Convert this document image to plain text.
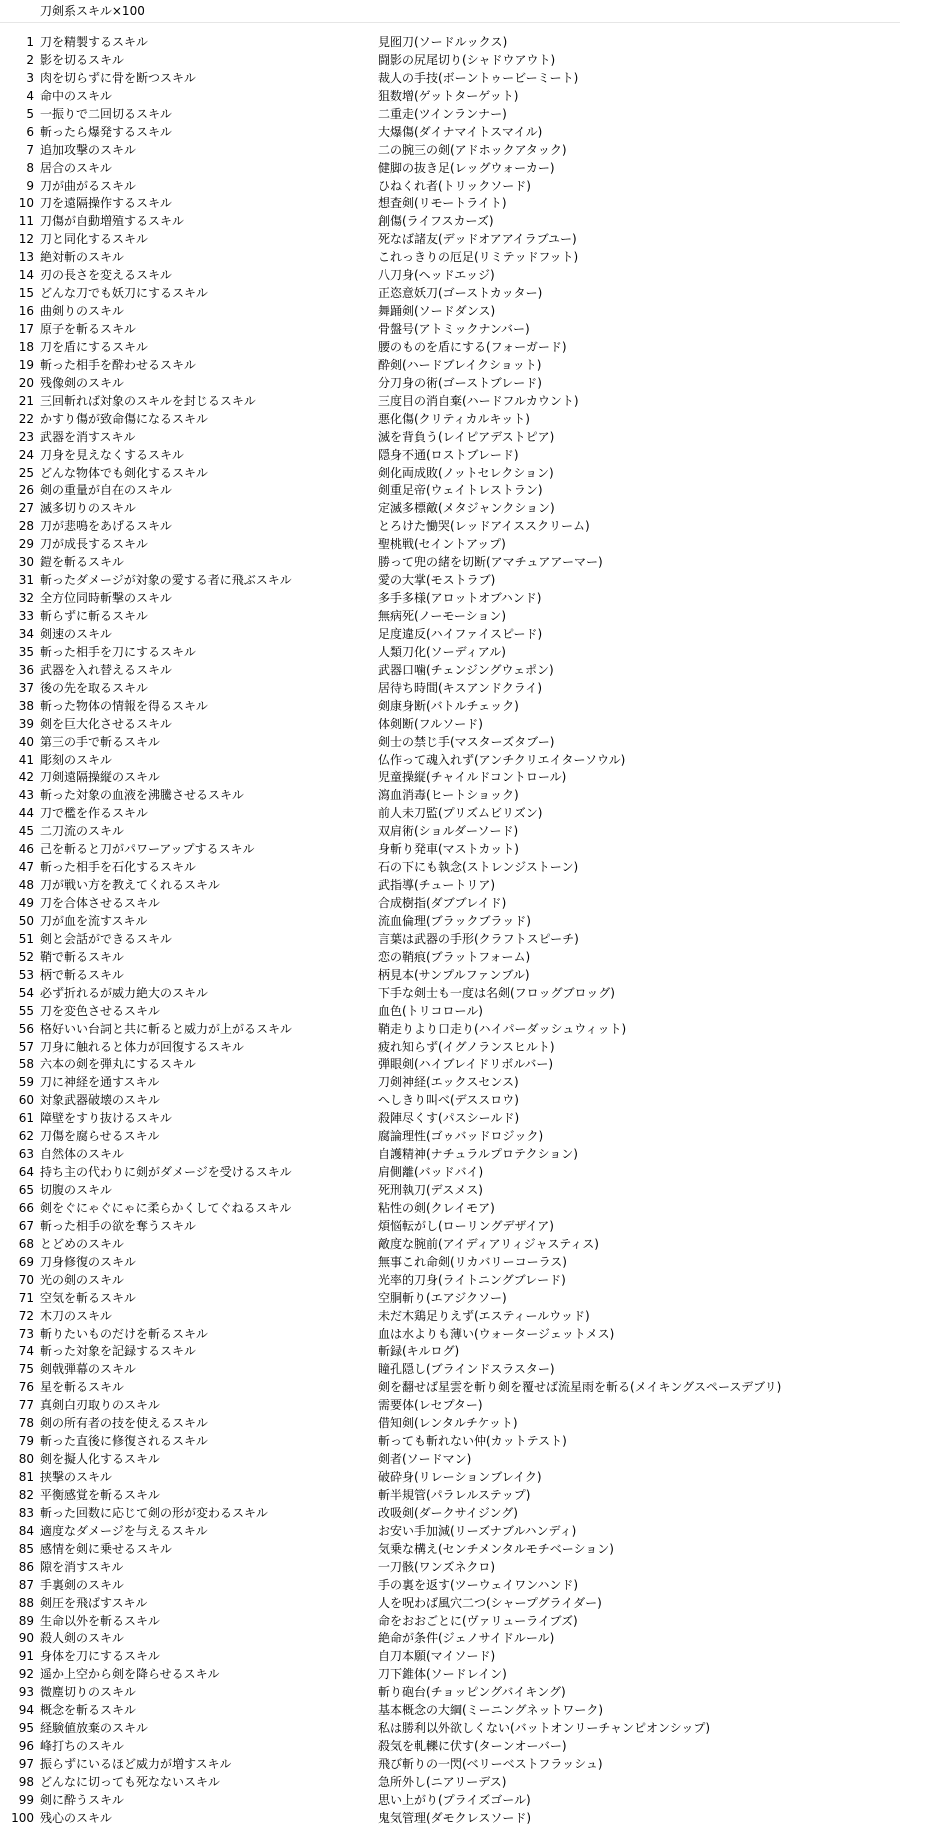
刀剣系スキル×100
1 刀を精製するスキル	見囮刀(ソードルックス)
2 影を切るスキル	闘影の尻尾切り(シャドウアウト)
3 肉を切らずに骨を断つスキル	裁人の手技(ボーントゥービーミート)
4 命中のスキル	狙数增(ゲットターゲット)
5 一振りで二回切るスキル	二重走(ツインランナー)
6 斬ったら爆発するスキル	大爆傷(ダイナマイトスマイル)
7 追加攻撃のスキル	二の腕三の剣(アドホックアタック)
8 居合のスキル	健脚の抜き足(レッグウォーカー)
9 刀が曲がるスキル	ひねくれ者(トリックソード)
10 刀を遠隔操作するスキル	想査剣(リモートライト)
11 刀傷が自動増殖するスキル	創傷(ライフスカーズ)
12 刀と同化するスキル	死なば諸友(デッドオアアイラブユー)
13 絶対斬のスキル	これっきりの厄足(リミテッドフット)
14 刃の長さを変えるスキル	八刀身(ヘッドエッジ)
15 どんな刀でも妖刀にするスキル	正恣意妖刀(ゴーストカッター)
16 曲剣りのスキル	舞踊剣(ソードダンス)
17 原子を斬るスキル	骨盤号(アトミックナンバー)
18 刀を盾にするスキル	腰のものを盾にする(フォーガード)
19 斬った相手を酔わせるスキル	酔剣(ハードブレイクショット)
20 残像剣のスキル	分刀身の術(ゴーストブレード)
21 三回斬れば対象のスキルを封じるスキル	三度目の消自棄(ハードフルカウント)
22 かすり傷が致命傷になるスキル	悪化傷(クリティカルキット)
23 武器を消すスキル	滅を背負う(レイピアデストピア)
24 刀身を見えなくするスキル	隠身不通(ロストブレード)
25 どんな物体でも剣化するスキル	剣化両成敗(ノットセレクション)
26 剣の重量が自在のスキル	剣重足帝(ウェイトレストラン)
27 滅多切りのスキル	定滅多標敵(メタジャンクション)
28 刀が悲鳴をあげるスキル	とろけた慟哭(レッドアイススクリーム)
29 刀が成長するスキル	聖桃戦(セイントアップ)
30 鎧を斬るスキル	勝って兜の緒を切断(アマチュアアーマー)
31 斬ったダメージが対象の愛する者に飛ぶスキル	愛の大掌(モストラブ)
32 全方位同時斬撃のスキル	多手多様(アロットオブハンド)
33 斬らずに斬るスキル	無病死(ノーモーション)
34 剣速のスキル	足度違反(ハイファイスピード)
35 斬った相手を刀にするスキル	人類刀化(ソーディアル)
36 武器を入れ替えるスキル	武器口噛(チェンジングウェポン)
37 後の先を取るスキル	居待ち時間(キスアンドクライ)
38 斬った物体の情報を得るスキル	剣康身断(バトルチェック)
39 剣を巨大化させるスキル	体剣断(フルソード)
40 第三の手で斬るスキル	剣士の禁じ手(マスターズタブー)
41 彫刻のスキル	仏作って魂入れず(アンチクリエイターソウル)
42 刀剣遠隔操縦のスキル	児童操縦(チャイルドコントロール)
43 斬った対象の血液を沸騰させるスキル	瀉血消毒(ヒートショック)
44 刀で檻を作るスキル	前人未刀監(プリズムビリズン)
45 二刀流のスキル	双肩術(ショルダーソード)
46 己を斬ると刀がパワーアップするスキル	身斬り発車(マストカット)
47 斬った相手を石化するスキル	石の下にも執念(ストレンジストーン)
48 刀が戦い方を教えてくれるスキル	武指導(チュートリア)
49 刀を合体させるスキル	合成樹指(ダブブレイド)
50 刀が血を流すスキル	流血倫理(ブラックブラッド)
51 剣と会話ができるスキル	言葉は武器の手形(クラフトスピーチ)
52 鞘で斬るスキル	恋の鞘痕(ブラットフォーム)
53 柄で斬るスキル	柄見本(サンプルファンブル)
54 必ず折れるが威力絶大のスキル	下手な剣士も一度は名剣(フロッグブロッグ)
55 刀を変色させるスキル	血色(トリコロール)
56 格好いい台詞と共に斬ると威力が上がるスキル	鞘走りより口走り(ハイパーダッシュウィット)
57 刀身に触れると体力が回復するスキル	疲れ知らず(イグノランスヒルト)
58 六本の剣を弾丸にするスキル	弾眼剣(ハイブレイドリボルバー)
59 刀に神経を通すスキル	刀剣神経(エックスセンス)
60 対象武器破壊のスキル	へしきり叫べ(デススロウ)
61 障壁をすり抜けるスキル	殺陣尽くす(パスシールド)
62 刀傷を腐らせるスキル	腐論理性(ゴゥバッドロジック)
63 自然体のスキル	自護精神(ナチュラルプロテクション)
64 持ち主の代わりに剣がダメージを受けるスキル	肩側離(バッドバイ)
65 切腹のスキル	死刑執刀(デスメス)
66 剣をぐにゃぐにゃに柔らかくしてぐねるスキル	粘性の剣(クレイモア)
67 斬った相手の欲を奪うスキル	煩悩転がし(ローリングデザイア)
68 とどめのスキル	敵度な腕前(アイディアリィジャスティス)
69 刀身修復のスキル	無事これ命剣(リカバリーコーラス)
70 光の剣のスキル	光率的刀身(ライトニングブレード)
71 空気を斬るスキル	空胴斬り(エアジクソー)
72 木刀のスキル	未だ木鶏足りえず(エスティールウッド)
73 斬りたいものだけを斬るスキル	血は水よりも薄い(ウォータージェットメス)
74 斬った対象を記録するスキル	斬録(キルログ)
75 剣戟弾幕のスキル	瞳孔隠し(ブラインドスラスター)
76 星を斬るスキル	剣を翻せば星雲を斬り剣を覆せば流星雨を斬る(メイキングスペースデブリ)
77 真剣白刃取りのスキル	需要体(レセプター)
78 剣の所有者の技を使えるスキル	借知剣(レンタルチケット)
79 斬った直後に修復されるスキル	斬っても斬れない仲(カットテスト)
80 剣を擬人化するスキル	剣者(ソードマン)
81 挟撃のスキル	破砕身(リレーションブレイク)
82 平衡感覚を斬るスキル	斬半規管(パラレルステップ)
83 斬った回数に応じて剣の形が変わるスキル	改吸剣(ダークサイジング)
84 適度なダメージを与えるスキル	お安い手加減(リーズナブルハンディ)
85 感情を剣に乗せるスキル	気乗な構え(センチメンタルモチベーション)
86 隙を消すスキル	一刀骸(ワンズネクロ)
87 手裏剣のスキル	手の裏を返す(ツーウェイワンハンド)
88 剣圧を飛ばすスキル	人を呪わば風穴二つ(シャープグライダー)
89 生命以外を斬るスキル	命をおおごとに(ヴァリューライブズ)
90 殺人剣のスキル	絶命が条件(ジェノサイドルール)
91 身体を刀にするスキル	自刀本願(マイソード)
92 遥か上空から剣を降らせるスキル	刀下錐体(ソードレイン)
93 微塵切りのスキル	斬り砲台(チョッピングバイキング)
94 概念を斬るスキル	基本概念の大綱(ミーニングネットワーク)
95 経験値放棄のスキル	私は勝利以外欲しくない(バットオンリーチャンピオンシップ)
96 峰打ちのスキル	殺気を軋轢に伏す(ターンオーバー)
97 振らずにいるほど威力が増すスキル	飛び斬りの一閃(ベリーベストフラッシュ)
98 どんなに切っても死なないスキル	急所外し(ニアリーデス)
99 剣に酔うスキル	思い上がり(プライズゴール)
100 残心のスキル	鬼気管理(ダモクレスソード)
